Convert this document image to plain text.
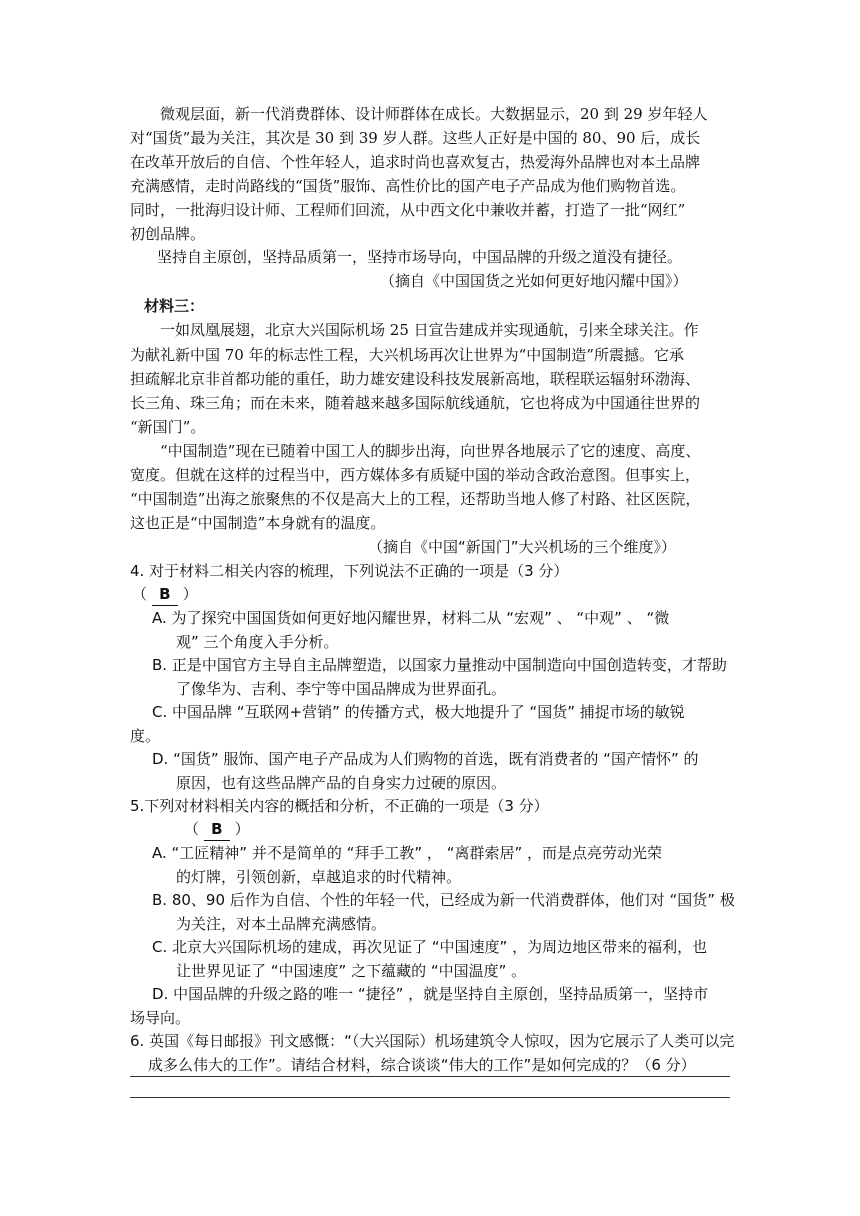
微观层面，新一代消费群体、设计师群体在成长。大数据显示，20 到 29 岁年轻人
对“国货”最为关注，其次是 30 到 39 岁人群。这些人正好是中国的 80、90 后，成长
在改革开放后的自信、个性年轻人，追求时尚也喜欢复古，热爱海外品牌也对本土品牌
充满感情，走时尚路线的“国货”服饰、高性价比的国产电子产品成为他们购物首选。
同时，一批海归设计师、工程师们回流，从中西文化中兼收并蓄，打造了一批“网红”
初创品牌。
坚持自主原创，坚持品质第一，坚持市场导向，中国品牌的升级之道没有捷径。
（摘自《中国国货之光如何更好地闪耀中国》）
材料三：
一如凤凰展翅，北京大兴国际机场 25 日宣告建成并实现通航，引来全球关注。作
为献礼新中国 70 年的标志性工程，大兴机场再次让世界为“中国制造”所震撼。它承
担疏解北京非首都功能的重任，助力雄安建设科技发展新高地，联程联运辐射环渤海、
长三角、珠三角；而在未来，随着越来越多国际航线通航，它也将成为中国通往世界的
“新国门”。
“中国制造”现在已随着中国工人的脚步出海，向世界各地展示了它的速度、高度、
宽度。但就在这样的过程当中，西方媒体多有质疑中国的举动含政治意图。但事实上，
“中国制造”出海之旅聚焦的不仅是高大上的工程，还帮助当地人修了村路、社区医院，
这也正是“中国制造”本身就有的温度。
（摘自《中国“新国门”大兴机场的三个维度》）
4. 对于材料二相关内容的梳理，下列说法不正确的一项是（3 分）
（ B ）
A. 为了探究中国国货如何更好地闪耀世界，材料二从 “宏观” 、 “中观” 、 “微
观” 三个角度入手分析。
B. 正是中国官方主导自主品牌塑造，以国家力量推动中国制造向中国创造转变，才帮助
了像华为、吉利、李宁等中国品牌成为世界面孔。
C. 中国品牌 “互联网+营销” 的传播方式，极大地提升了 “国货” 捕捉市场的敏锐
度。
D. “国货” 服饰、国产电子产品成为人们购物的首选，既有消费者的 “国产情怀” 的
原因，也有这些品牌产品的自身实力过硬的原因。
5.下列对材料相关内容的概括和分析，不正确的一项是（3 分）
（ B ）
A. “工匠精神” 并不是简单的 “拜手工教” ， “离群索居” ，而是点亮劳动光荣
的灯牌，引领创新，卓越追求的时代精神。
B. 80、90 后作为自信、个性的年轻一代，已经成为新一代消费群体，他们对 “国货” 极
为关注，对本土品牌充满感情。
C. 北京大兴国际机场的建成，再次见证了 “中国速度” ，为周边地区带来的福利，也
让世界见证了 “中国速度” 之下蕴藏的 “中国温度” 。
D. 中国品牌的升级之路的唯一 “捷径” ，就是坚持自主原创，坚持品质第一，坚持市
场导向。
6. 英国《每日邮报》刊文感慨：“（大兴国际）机场建筑令人惊叹，因为它展示了人类可以完
成多么伟大的工作”。请结合材料，综合谈谈“伟大的工作”是如何完成的？（6 分）
